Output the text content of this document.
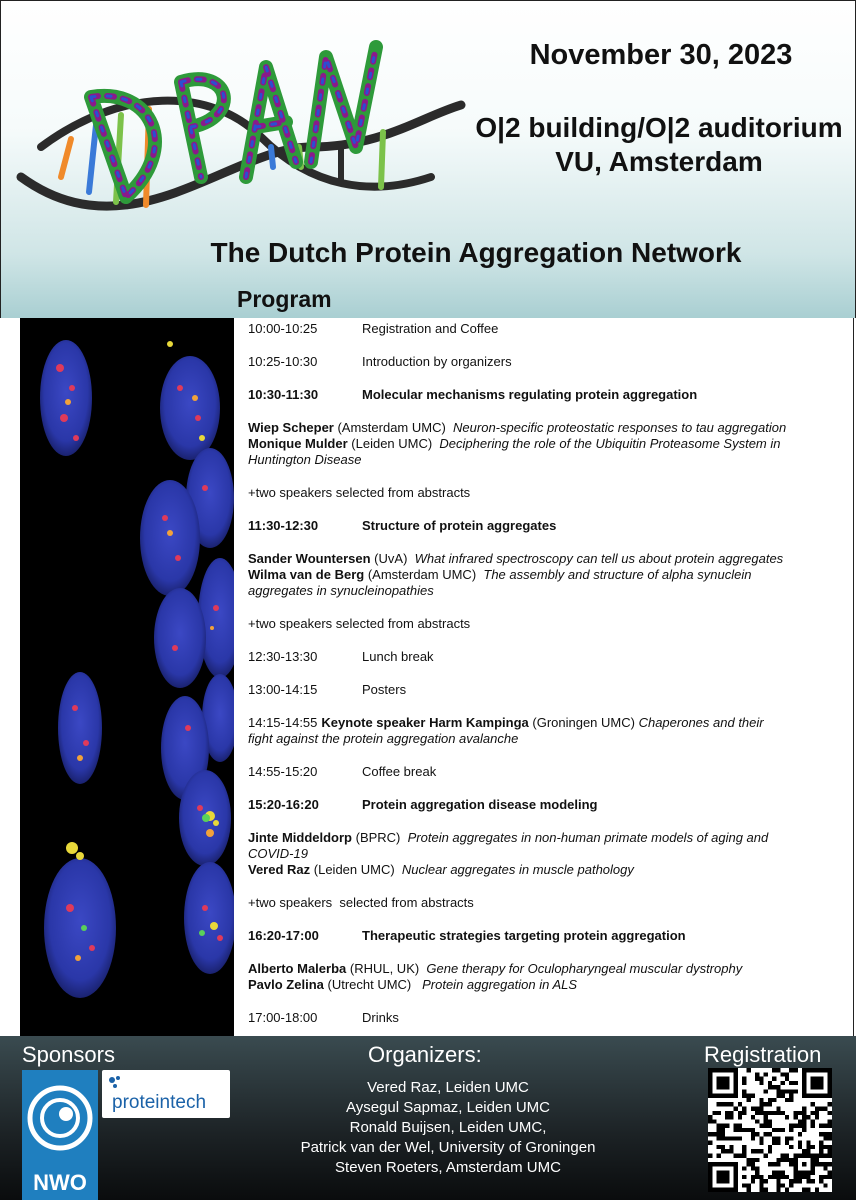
November 30, 2023
O|2 building/O|2 auditorium
VU, Amsterdam
The Dutch Protein Aggregation Network
Program
10:00-10:25	Registration and Coffee
10:25-10:30	Introduction by organizers
10:30-11:30	Molecular mechanisms regulating protein aggregation

Wiep Scheper (Amsterdam UMC)  Neuron-specific proteostatic responses to tau aggregation

Monique Mulder (Leiden UMC)  Deciphering the role of the Ubiquitin Proteasome System in Huntington Disease

+two speakers selected from abstracts
11:30-12:30	Structure of protein aggregates

Sander Wountersen (UvA)  What infrared spectroscopy can tell us about protein aggregates

Wilma van de Berg (Amsterdam UMC)  The assembly and structure of alpha synuclein aggregates in synucleinopathies

+two speakers selected from abstracts
12:30-13:30	Lunch break
13:00-14:15	Posters

14:15-14:55 Keynote speaker Harm Kampinga (Groningen UMC) Chaperones and their fight against the protein aggregation avalanche

14:55-15:20	Coffee break
15:20-16:20	Protein aggregation disease modeling

Jinte Middeldorp (BPRC)  Protein aggregates in non-human primate models of aging and COVID-19

Vered Raz (Leiden UMC)  Nuclear aggregates in muscle pathology

+two speakers  selected from abstracts
16:20-17:00	Therapeutic strategies targeting protein aggregation

Alberto Malerba (RHUL, UK)  Gene therapy for Oculopharyngeal muscular dystrophy

Pavlo Zelina (Utrecht UMC)   Protein aggregation in ALS

17:00-18:00	Drinks
Sponsors	Organizers:	Registration
NWO
proteintech
Vered Raz, Leiden UMC
Aysegul Sapmaz, Leiden UMC
Ronald Buijsen, Leiden UMC,
Patrick van der Wel, University of Groningen
Steven Roeters, Amsterdam UMC
